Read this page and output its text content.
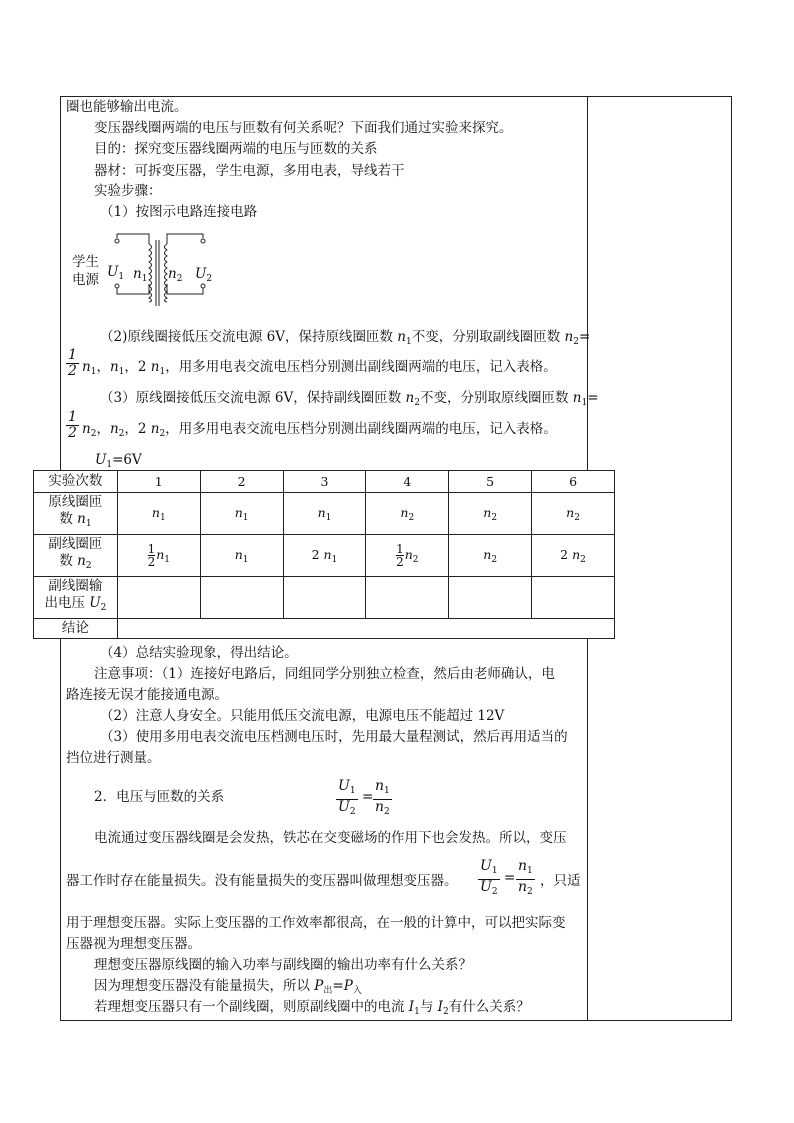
圈也能够输出电流。
变压器线圈两端的电压与匝数有何关系呢？下面我们通过实验来探究。
目的：探究变压器线圈两端的电压与匝数的关系
器材：可拆变压器，学生电源，多用电表，导线若干
实验步骤：
（1）按图示电路连接电路
学生
电源 $U_1$ $n_1$ $n_2$ $U_2$
（2)原线圈接低压交流电源 6V，保持原线圈匝数 $n_1$不变，分别取副线圈匝数 $n_2=$
$\frac{1}{2} n_1$，$n_1$，2 $n_1$，用多用电表交流电压档分别测出副线圈两端的电压，记入表格。
（3）原线圈接低压交流电源 6V，保持副线圈匝数 $n_2$不变，分别取原线圈匝数 $n_1=$
$\frac{1}{2} n_2$，$n_2$，2 $n_2$，用多用电表交流电压档分别测出副线圈两端的电压，记入表格。
$U_1=6V$
实验次数	1	2	3	4	5	6
原线圈匝
数 $n_1$	$n_1$	$n_1$	$n_1$	$n_2$	$n_2$	$n_2$
副线圈匝
数 $n_2$	$\frac{1}{2} n_1$	$n_1$	2 $n_1$	$\frac{1}{2} n_2$	$n_2$	2 $n_2$
副线圈输
出电压 $U_2$						
结论						
（4）总结实验现象，得出结论。
注意事项：（1）连接好电路后，同组同学分别独立检查，然后由老师确认，电
路连接无误才能接通电源。
（2）注意人身安全。只能用低压交流电源，电源电压不能超过 12V
（3）使用多用电表交流电压档测电压时，先用最大量程测试，然后再用适当的
挡位进行测量。
2．电压与匝数的关系	$\frac{U_1}{U_2} = \frac{n_1}{n_2}$
电流通过变压器线圈是会发热，铁芯在交变磁场的作用下也会发热。所以，变压
器工作时存在能量损失。没有能量损失的变压器叫做理想变压器。 $\frac{U_1}{U_2} = \frac{n_1}{n_2}$ ，只适
用于理想变压器。实际上变压器的工作效率都很高，在一般的计算中，可以把实际变
压器视为理想变压器。
理想变压器原线圈的输入功率与副线圈的输出功率有什么关系？
因为理想变压器没有能量损失，所以 $P_出=P_入$
若理想变压器只有一个副线圈，则原副线圈中的电流 $I_1$与 $I_2$有什么关系？
